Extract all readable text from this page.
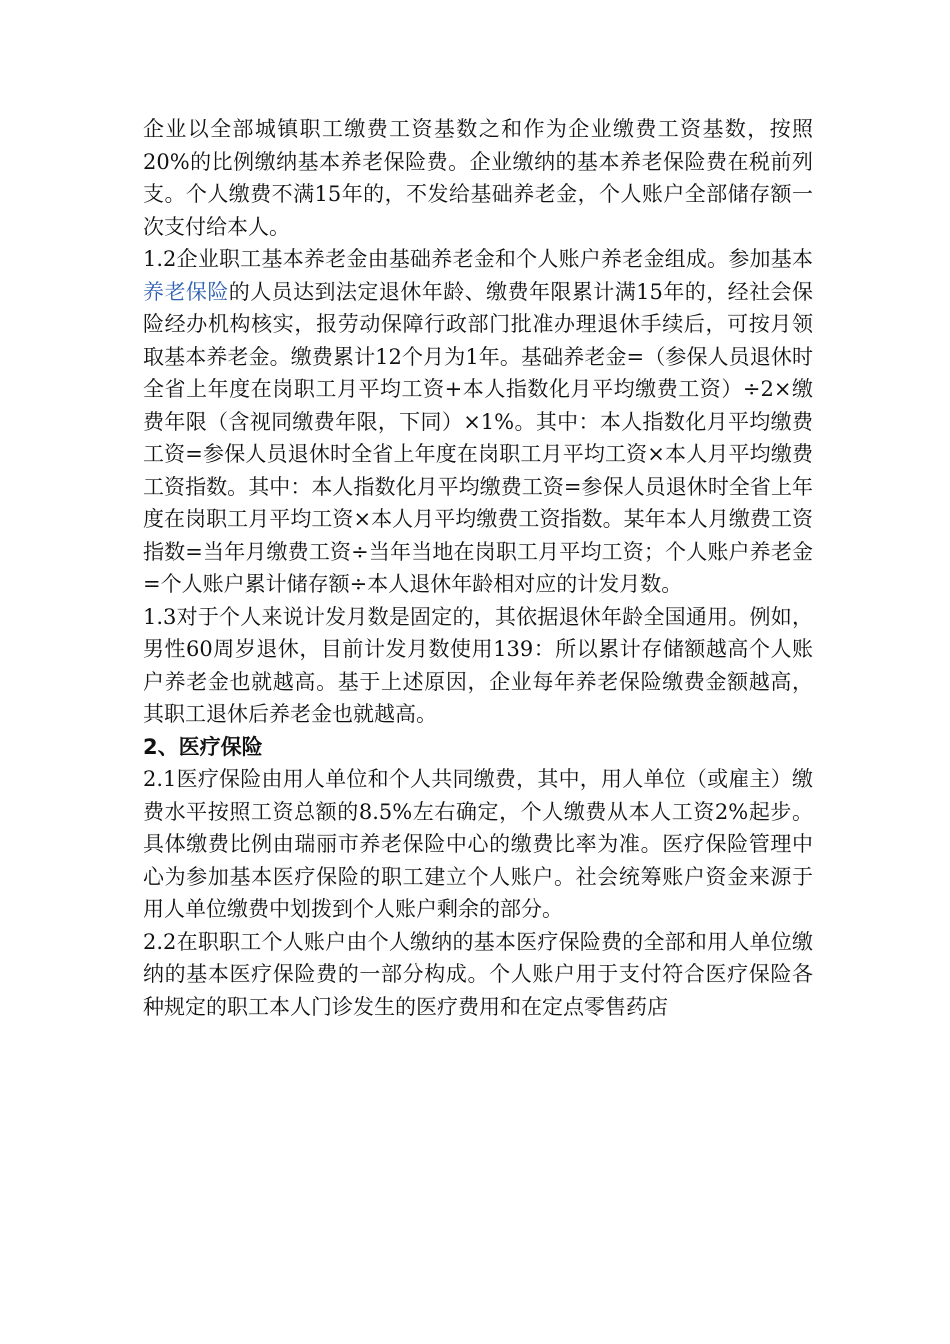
企业以全部城镇职工缴费工资基数之和作为企业缴费工资基数，按照20%的比例缴纳基本养老保险费。企业缴纳的基本养老保险费在税前列支。个人缴费不满15年的，不发给基础养老金，个人账户全部储存额一次支付给本人。

1.2企业职工基本养老金由基础养老金和个人账户养老金组成。参加基本养老保险的人员达到法定退休年龄、缴费年限累计满15年的，经社会保险经办机构核实，报劳动保障行政部门批准办理退休手续后，可按月领取基本养老金。缴费累计12个月为1年。基础养老金=（参保人员退休时全省上年度在岗职工月平均工资+本人指数化月平均缴费工资）÷2×缴费年限（含视同缴费年限，下同）×1%。其中：本人指数化月平均缴费工资=参保人员退休时全省上年度在岗职工月平均工资×本人月平均缴费工资指数。其中：本人指数化月平均缴费工资=参保人员退休时全省上年度在岗职工月平均工资×本人月平均缴费工资指数。某年本人月缴费工资指数=当年月缴费工资÷当年当地在岗职工月平均工资；个人账户养老金=个人账户累计储存额÷本人退休年龄相对应的计发月数。

1.3对于个人来说计发月数是固定的，其依据退休年龄全国通用。例如，男性60周岁退休，目前计发月数使用139：所以累计存储额越高个人账户养老金也就越高。基于上述原因，企业每年养老保险缴费金额越高，其职工退休后养老金也就越高。

2、医疗保险

2.1医疗保险由用人单位和个人共同缴费，其中，用人单位（或雇主）缴费水平按照工资总额的8.5%左右确定，个人缴费从本人工资2%起步。具体缴费比例由瑞丽市养老保险中心的缴费比率为准。医疗保险管理中心为参加基本医疗保险的职工建立个人账户。社会统筹账户资金来源于用人单位缴费中划拨到个人账户剩余的部分。

2.2在职职工个人账户由个人缴纳的基本医疗保险费的全部和用人单位缴纳的基本医疗保险费的一部分构成。个人账户用于支付符合医疗保险各种规定的职工本人门诊发生的医疗费用和在定点零售药店
